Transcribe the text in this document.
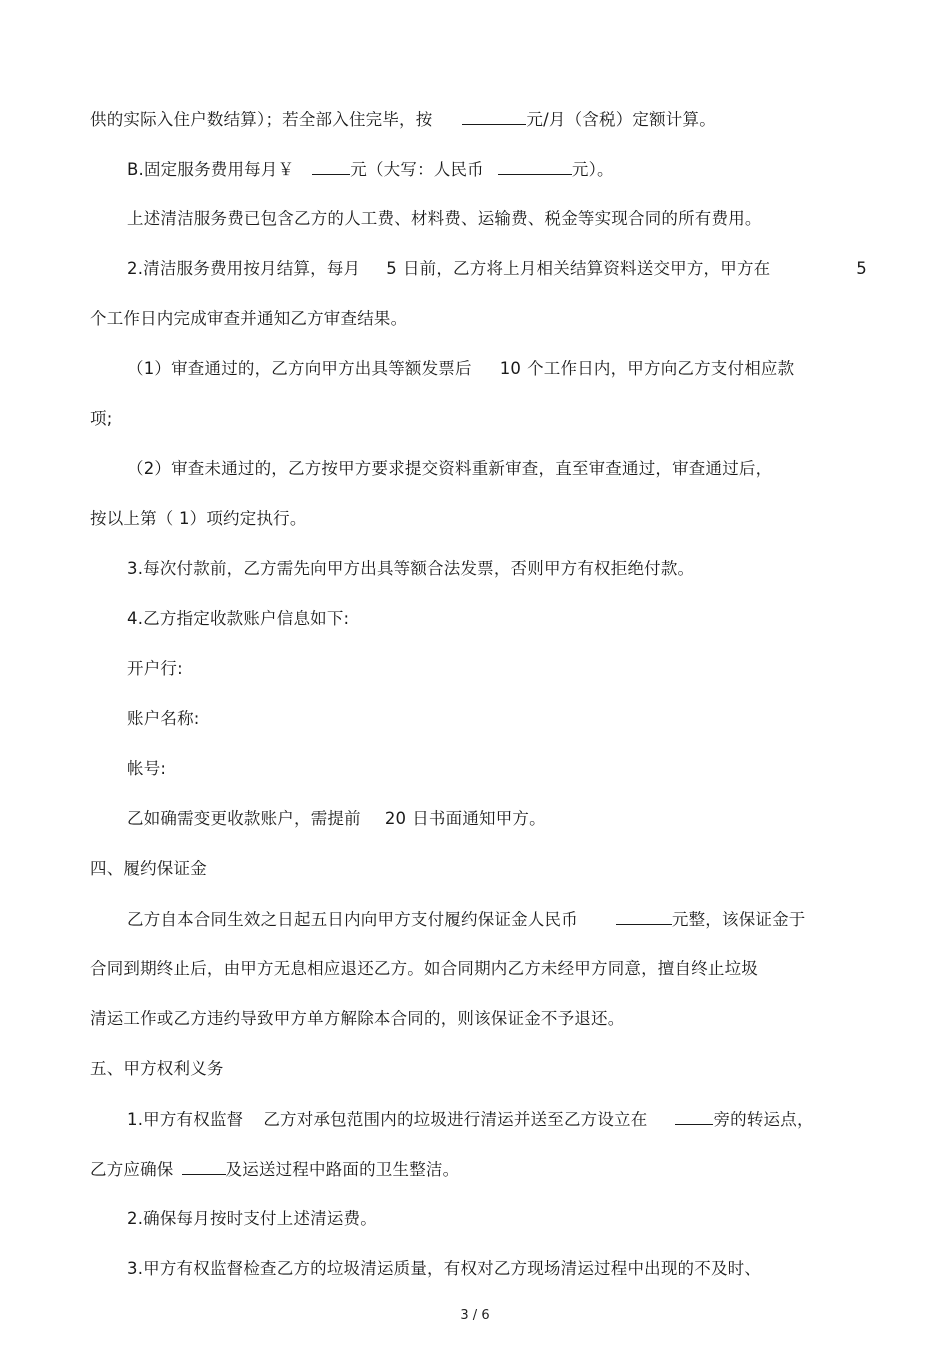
供的实际入住户数结算）；若全部入住完毕，按	元/月（含税）定额计算。
B.固定服务费用每月￥	元（大写：人民币	元）。
上述清洁服务费已包含乙方的人工费、材料费、运输费、税金等实现合同的所有费用。
2.清洁服务费用按月结算，每月 5 日前，乙方将上月相关结算资料送交甲方，甲方在	5
个工作日内完成审查并通知乙方审查结果。
（1）审查通过的，乙方向甲方出具等额发票后 10 个工作日内，甲方向乙方支付相应款
项;
（2）审查未通过的，乙方按甲方要求提交资料重新审查，直至审查通过，审查通过后，
按以上第（ 1）项约定执行。
3.每次付款前，乙方需先向甲方出具等额合法发票，否则甲方有权拒绝付款。
4.乙方指定收款账户信息如下:
开户行:
账户名称:
帐号:
乙如确需变更收款账户，需提前 20 日书面通知甲方。
四、履约保证金
乙方自本合同生效之日起五日内向甲方支付履约保证金人民币	元整，该保证金于
合同到期终止后，由甲方无息相应退还乙方。如合同期内乙方未经甲方同意，擅自终止垃圾
清运工作或乙方违约导致甲方单方解除本合同的，则该保证金不予退还。
五、甲方权利义务
1.甲方有权监督 乙方对承包范围内的垃圾进行清运并送至乙方设立在	旁的转运点，
乙方应确保	及运送过程中路面的卫生整洁。
2.确保每月按时支付上述清运费。
3.甲方有权监督检查乙方的垃圾清运质量，有权对乙方现场清运过程中出现的不及时、
3 / 6
